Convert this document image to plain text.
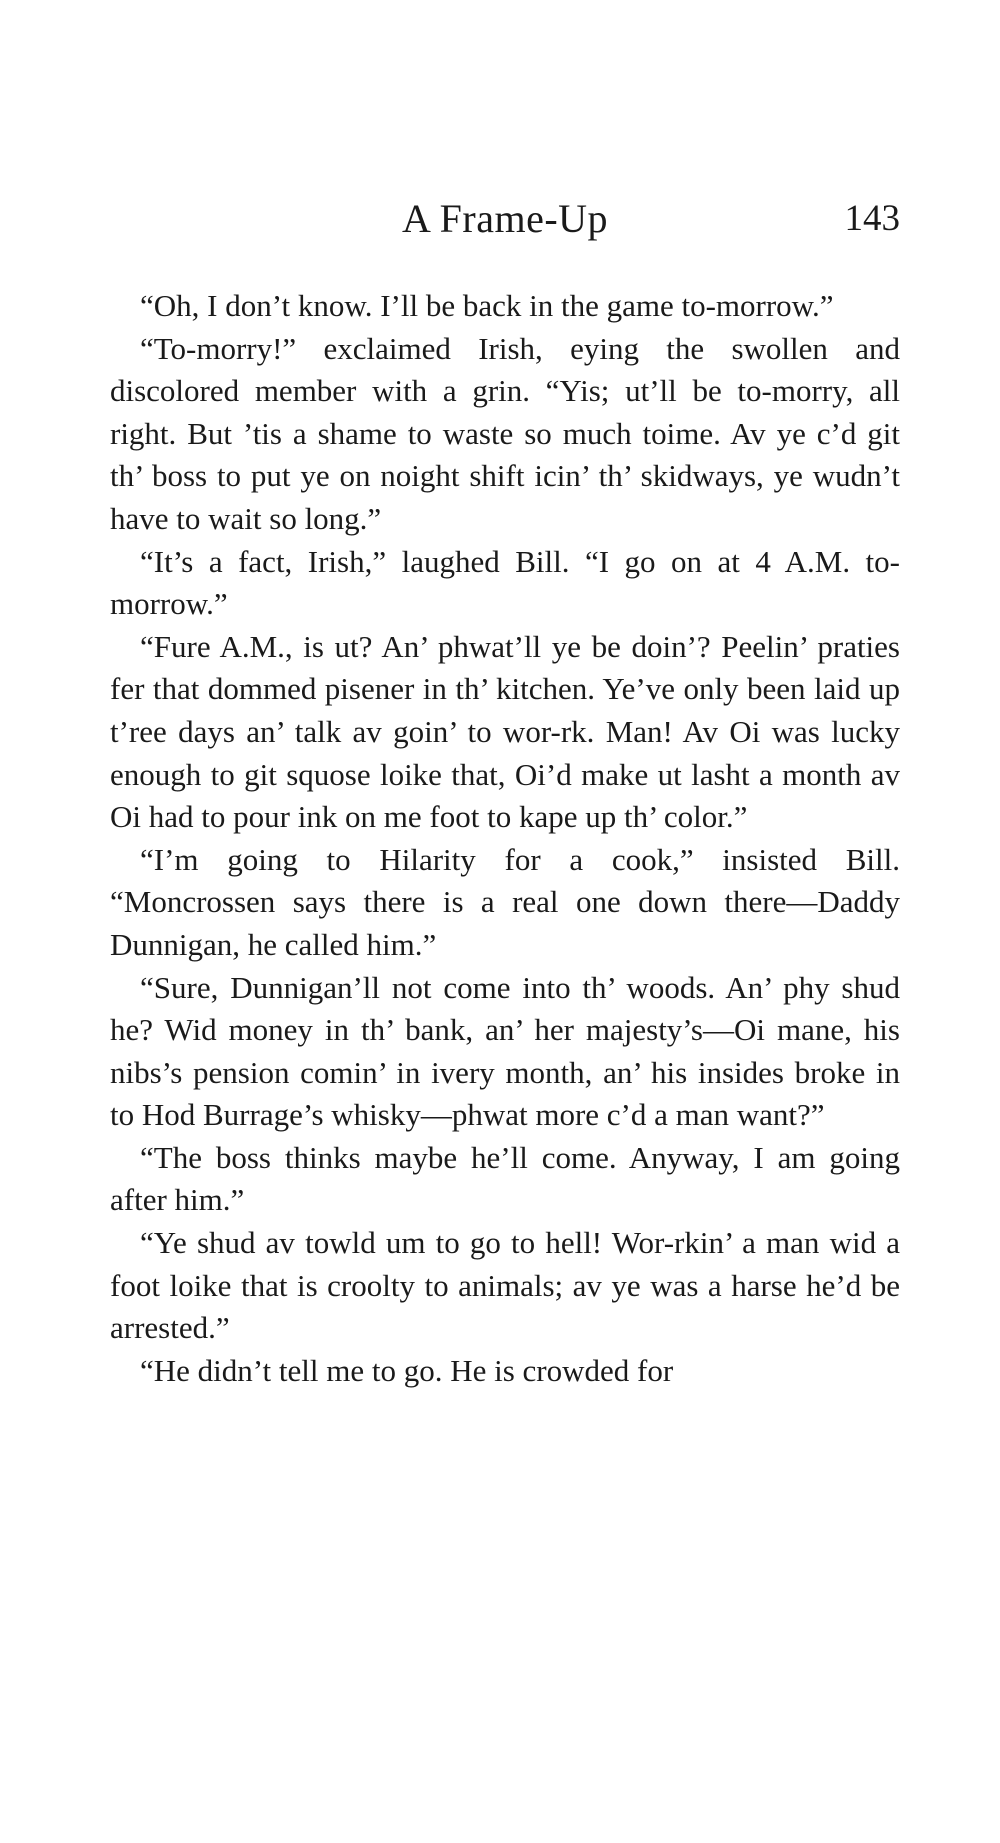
A Frame-Up	143

“Oh, I don’t know. I’ll be back in the game to-morrow.”

“To-morry!” exclaimed Irish, eying the swollen and discolored member with a grin. “Yis; ut’ll be to-morry, all right. But ’tis a shame to waste so much toime. Av ye c’d git th’ boss to put ye on noight shift icin’ th’ skidways, ye wudn’t have to wait so long.”

“It’s a fact, Irish,” laughed Bill. “I go on at 4 A.M. to-morrow.”

“Fure A.M., is ut? An’ phwat’ll ye be doin’? Peelin’ praties fer that dommed pisener in th’ kitchen. Ye’ve only been laid up t’ree days an’ talk av goin’ to wor-rk. Man! Av Oi was lucky enough to git squose loike that, Oi’d make ut lasht a month av Oi had to pour ink on me foot to kape up th’ color.”

“I’m going to Hilarity for a cook,” insisted Bill. “Moncrossen says there is a real one down there—Daddy Dunnigan, he called him.”

“Sure, Dunnigan’ll not come into th’ woods. An’ phy shud he? Wid money in th’ bank, an’ her majesty’s—Oi mane, his nibs’s pension comin’ in ivery month, an’ his insides broke in to Hod Burrage’s whisky—phwat more c’d a man want?”

“The boss thinks maybe he’ll come. Anyway, I am going after him.”

“Ye shud av towld um to go to hell! Wor-rkin’ a man wid a foot loike that is croolty to animals; av ye was a harse he’d be arrested.”

“He didn’t tell me to go. He is crowded for
